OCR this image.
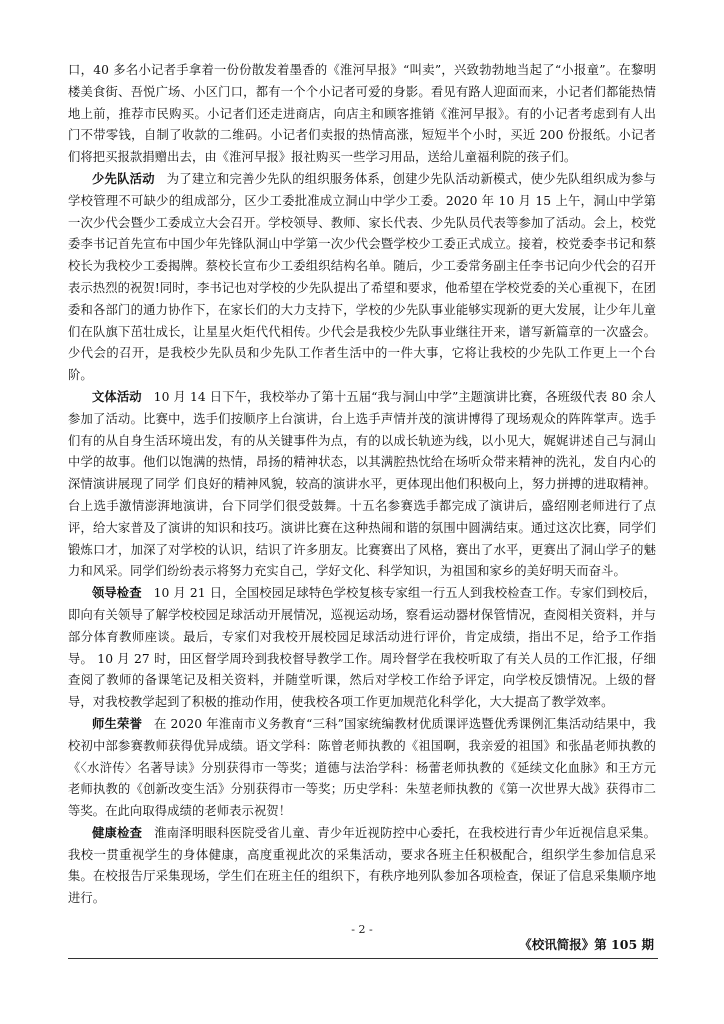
口，40 多名小记者手拿着一份份散发着墨香的《淮河早报》“叫卖”，兴致勃勃地当起了“小报童”。在黎明楼美食街、吾悦广场、小区门口，都有一个个小记者可爱的身影。看见有路人迎面而来，小记者们都能热情地上前，推荐市民购买。小记者们还走进商店，向店主和顾客推销《淮河早报》。有的小记者考虑到有人出门不带零钱，自制了收款的二维码。小记者们卖报的热情高涨，短短半个小时，买近 200 份报纸。小记者们将把买报款捐赠出去，由《淮河早报》报社购买一些学习用品，送给儿童福利院的孩子们。

少先队活动 为了建立和完善少先队的组织服务体系，创建少先队活动新模式，使少先队组织成为参与学校管理不可缺少的组成部分，区少工委批准成立洞山中学少工委。2020 年 10 月 15 上午，洞山中学第一次少代会暨少工委成立大会召开。学校领导、教师、家长代表、少先队员代表等参加了活动。会上，校党委李书记首先宣布中国少年先锋队洞山中学第一次少代会暨学校少工委正式成立。接着，校党委李书记和蔡校长为我校少工委揭牌。蔡校长宣布少工委组织结构名单。随后，少工委常务副主任李书记向少代会的召开表示热烈的祝贺!同时，李书记也对学校的少先队提出了希望和要求，他希望在学校党委的关心重视下，在团委和各部门的通力协作下，在家长们的大力支持下，学校的少先队事业能够实现新的更大发展，让少年儿童们在队旗下茁壮成长，让星星火炬代代相传。少代会是我校少先队事业继往开来，谱写新篇章的一次盛会。少代会的召开，是我校少先队员和少先队工作者生活中的一件大事，它将让我校的少先队工作更上一个台阶。

文体活动 10 月 14 日下午，我校举办了第十五届“我与洞山中学”主题演讲比赛，各班级代表 80 余人参加了活动。比赛中，选手们按顺序上台演讲，台上选手声情并茂的演讲博得了现场观众的阵阵掌声。选手们有的从自身生活环境出发，有的从关键事件为点，有的以成长轨迹为线，以小见大，娓娓讲述自己与洞山中学的故事。他们以饱满的热情，昂扬的精神状态，以其满腔热忱给在场听众带来精神的洗礼，发自内心的深情演讲展现了同学 们良好的精神风貌，较高的演讲水平，更体现出他们积极向上，努力拼搏的进取精神。台上选手激情澎湃地演讲，台下同学们很受鼓舞。十五名参赛选手都完成了演讲后，盛绍刚老师进行了点评，给大家普及了演讲的知识和技巧。演讲比赛在这种热闹和谐的氛围中圆满结束。通过这次比赛，同学们锻炼口才，加深了对学校的认识，结识了许多朋友。比赛赛出了风格，赛出了水平，更赛出了洞山学子的魅力和风采。同学们纷纷表示将努力充实自己，学好文化、科学知识，为祖国和家乡的美好明天而奋斗。

领导检查 10 月 21 日，全国校园足球特色学校复核专家组一行五人到我校检查工作。专家们到校后，即向有关领导了解学校校园足球活动开展情况，巡视运动场，察看运动器材保管情况，查阅相关资料，并与部分体育教师座谈。最后，专家们对我校开展校园足球活动进行评价，肯定成绩，指出不足，给予工作指导。 10 月 27 时，田区督学周玲到我校督导教学工作。周玲督学在我校听取了有关人员的工作汇报，仔细查阅了教师的备课笔记及相关资料，并随堂听课，然后对学校工作给予评定，向学校反馈情况。上级的督导，对我校教学起到了积极的推动作用，使我校各项工作更加规范化科学化，大大提高了教学效率。

师生荣誉 在 2020 年淮南市义务教育“三科”国家统编教材优质课评选暨优秀课例汇集活动结果中，我校初中部参赛教师获得优异成绩。语文学科：陈曾老师执教的《祖国啊，我亲爱的祖国》和张晶老师执教的《〈水浒传〉名著导读》分别获得市一等奖；道德与法治学科：杨蕾老师执教的《延续文化血脉》和王方元老师执教的《创新改变生活》分别获得市一等奖；历史学科：朱堃老师执教的《第一次世界大战》获得市二等奖。在此向取得成绩的老师表示祝贺！

健康检查 淮南泽明眼科医院受省儿童、青少年近视防控中心委托，在我校进行青少年近视信息采集。我校一贯重视学生的身体健康，高度重视此次的采集活动，要求各班主任积极配合，组织学生参加信息采集。在校报告厅采集现场，学生们在班主任的组织下，有秩序地列队参加各项检查，保证了信息采集顺序地进行。

- 2 -
《校讯简报》第 105 期
